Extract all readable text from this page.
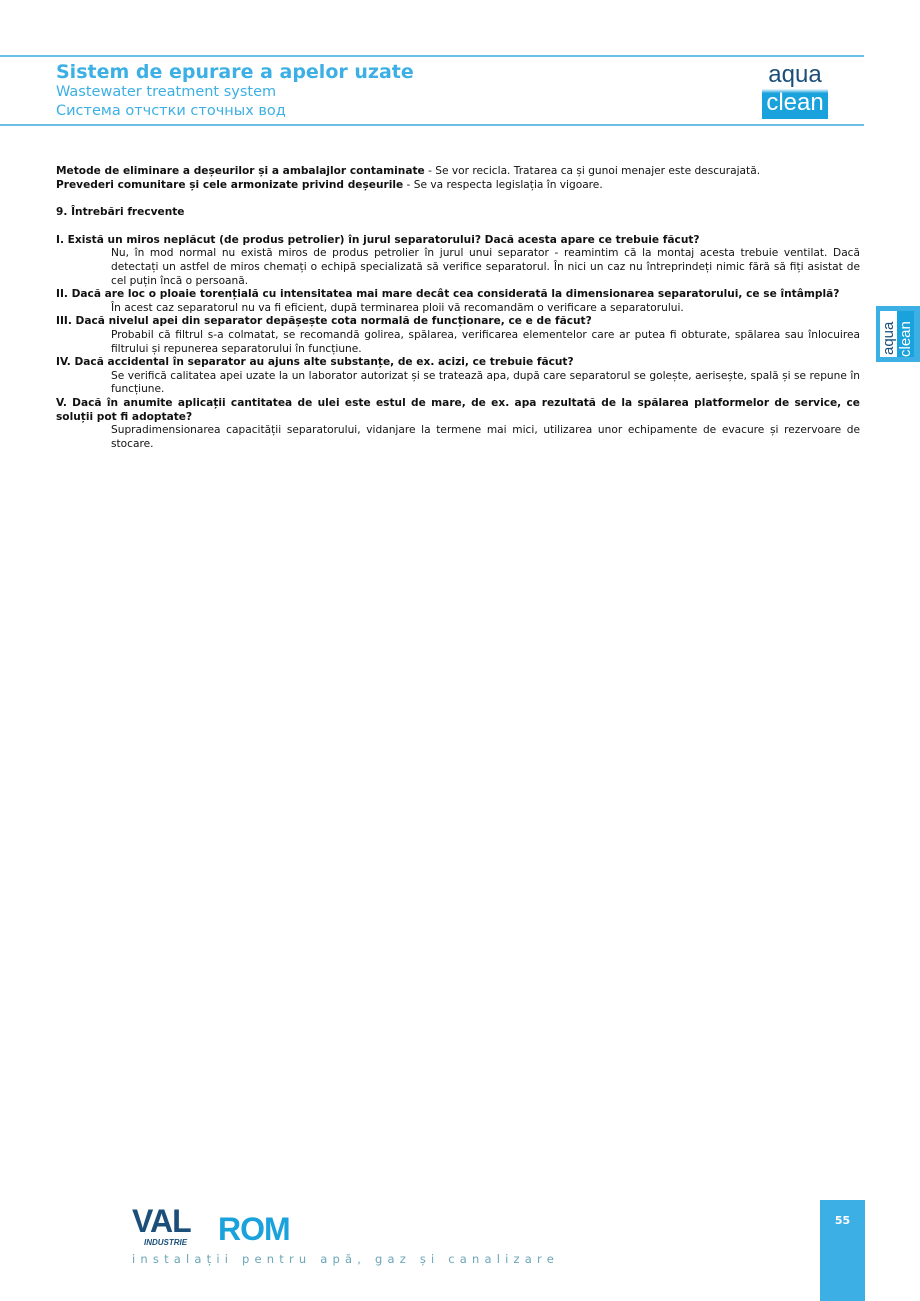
Sistem de epurare a apelor uzate
Wastewater treatment system
Система отчстки сточных вод
aqua
clean
aqua clean

Metode de eliminare a deșeurilor și a ambalajlor contaminate - Se vor recicla. Tratarea ca și gunoi menajer este descurajată.

Prevederi comunitare și cele armonizate privind deșeurile - Se va respecta legislația în vigoare.

9. Întrebări frecvente

I. Există un miros neplăcut (de produs petrolier) în jurul separatorului? Dacă acesta apare ce trebuie făcut?

Nu, în mod normal nu există miros de produs petrolier în jurul unui separator - reamintim că la montaj acesta trebuie ventilat. Dacă detectați un astfel de miros chemați o echipă specializată să verifice separatorul. În nici un caz nu întreprindeți nimic fără să fiți asistat de cel puțin încă o persoană.

II. Dacă are loc o ploaie torențială cu intensitatea mai mare decât cea considerată la dimensionarea separatorului, ce se întâmplă?

În acest caz separatorul nu va fi eficient, după terminarea ploii vă recomandăm o verificare a separatorului.

III. Dacă nivelul apei din separator depășește cota normală de funcționare, ce e de făcut?

Probabil că filtrul s-a colmatat, se recomandă golirea, spălarea, verificarea elementelor care ar putea fi obturate, spălarea sau înlocuirea filtrului și repunerea separatorului în funcțiune.

IV. Dacă accidental în separator au ajuns alte substanțe, de ex. acizi, ce trebuie făcut?

Se verifică calitatea apei uzate la un laborator autorizat și se tratează apa, după care separatorul se golește, aerisește, spală și se repune în funcțiune.

V. Dacă în anumite aplicații cantitatea de ulei este estul de mare, de ex. apa rezultată de la spălarea platformelor de service, ce soluții pot fi adoptate?

Supradimensionarea capacității separatorului, vidanjare la termene mai mici, utilizarea unor echipamente de evacure și rezervoare de stocare.

VAL ROM
INDUSTRIE
instalații pentru apă, gaz și canalizare
55
